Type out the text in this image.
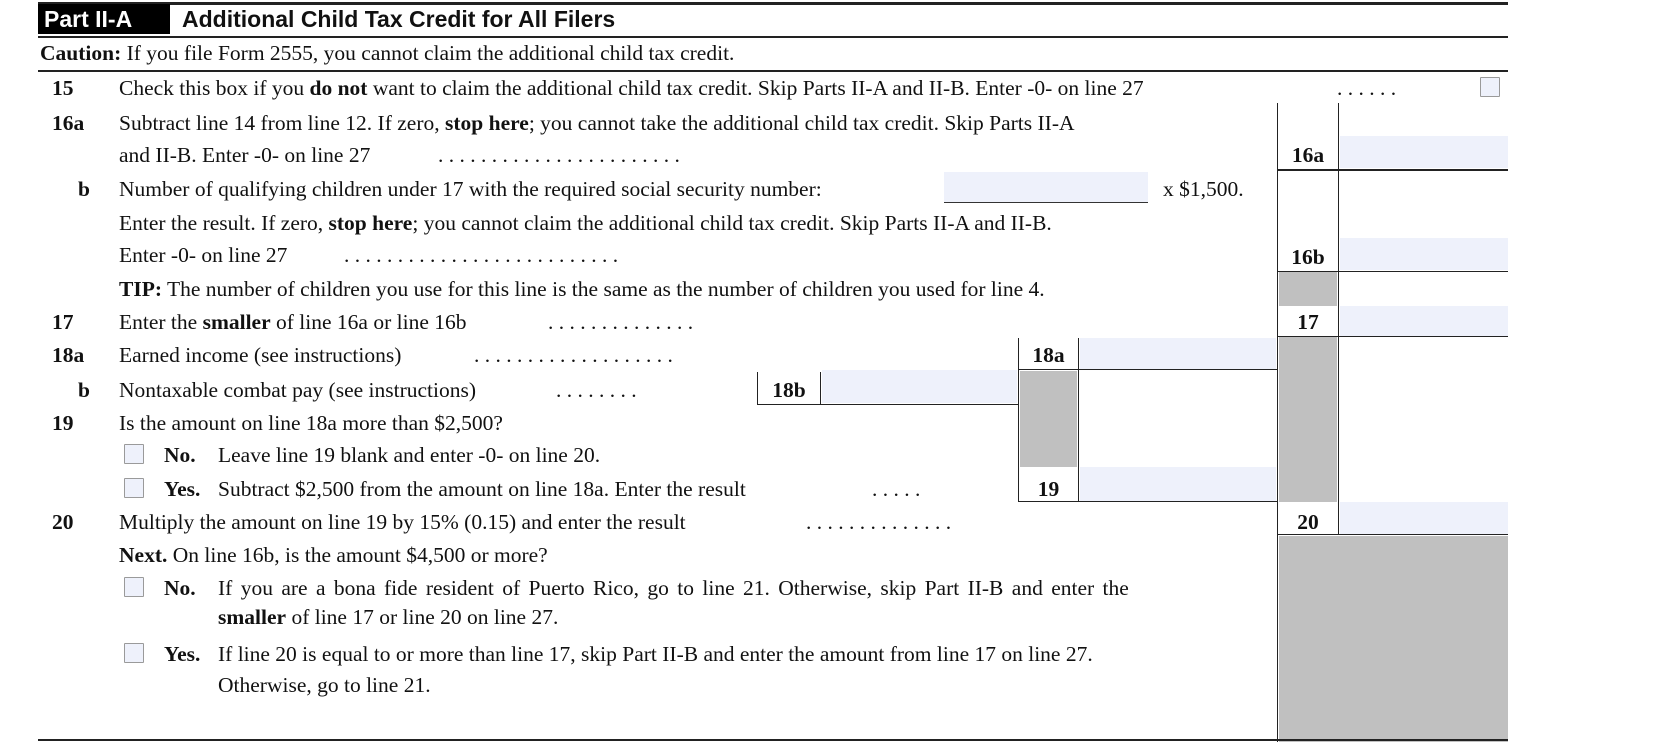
Part II-A	Additional Child Tax Credit for All Filers
Caution: If you file Form 2555, you cannot claim the additional child tax credit.
15 Check this box if you do not want to claim the additional child tax credit. Skip Parts II-A and II-B. Enter -0- on line 27	. . . . . .
16a Subtract line 14 from line 12. If zero, stop here; you cannot take the additional child tax credit. Skip Parts II-A
and II-B. Enter -0- on line 27	. . . . . . . . . . . . . . . . . . . . . . .	16a
b Number of qualifying children under 17 with the required social security number:	x $1,500.
Enter the result. If zero, stop here; you cannot claim the additional child tax credit. Skip Parts II-A and II-B.
Enter -0- on line 27	. . . . . . . . . . . . . . . . . . . . . . . . . .	16b
TIP: The number of children you use for this line is the same as the number of children you used for line 4.
17 Enter the smaller of line 16a or line 16b	. . . . . . . . . . . . . .	17
18a Earned income (see instructions)	. . . . . . . . . . . . . . . . . . .	18a
b Nontaxable combat pay (see instructions)	. . . . . . . .	18b
19 Is the amount on line 18a more than $2,500?
No. Leave line 19 blank and enter -0- on line 20.
Yes. Subtract $2,500 from the amount on line 18a. Enter the result	. . . . .	19
20 Multiply the amount on line 19 by 15% (0.15) and enter the result	. . . . . . . . . . . . . .	20
Next. On line 16b, is the amount $4,500 or more?
No. If you are a bona fide resident of Puerto Rico, go to line 21. Otherwise, skip Part II-B and enter the
smaller of line 17 or line 20 on line 27.
Yes. If line 20 is equal to or more than line 17, skip Part II-B and enter the amount from line 17 on line 27.
Otherwise, go to line 21.
